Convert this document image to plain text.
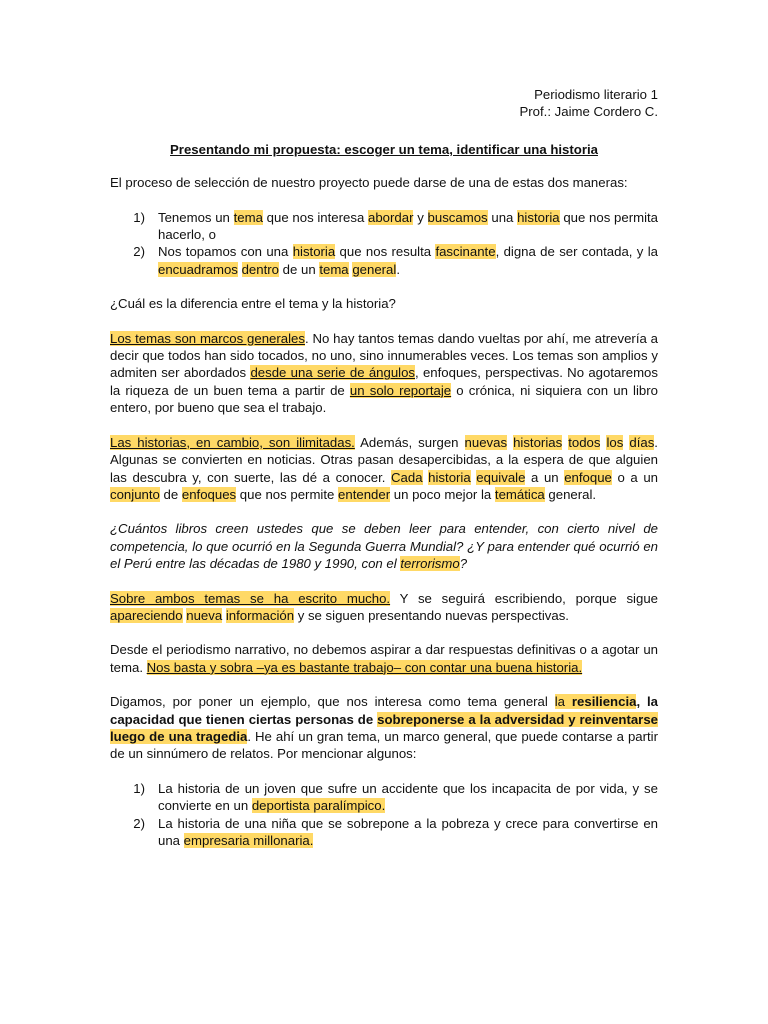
Periodismo literario 1
Prof.: Jaime Cordero C.
Presentando mi propuesta: escoger un tema, identificar una historia

El proceso de selección de nuestro proyecto puede darse de una de estas dos maneras:

1. Tenemos un tema que nos interesa abordar y buscamos una historia que nos permita hacerlo, o
2. Nos topamos con una historia que nos resulta fascinante, digna de ser contada, y la encuadramos dentro de un tema general.

¿Cuál es la diferencia entre el tema y la historia?

Los temas son marcos generales. No hay tantos temas dando vueltas por ahí, me atrevería a decir que todos han sido tocados, no uno, sino innumerables veces. Los temas son amplios y admiten ser abordados desde una serie de ángulos, enfoques, perspectivas. No agotaremos la riqueza de un buen tema a partir de un solo reportaje o crónica, ni siquiera con un libro entero, por bueno que sea el trabajo.

Las historias, en cambio, son ilimitadas. Además, surgen nuevas historias todos los días. Algunas se convierten en noticias. Otras pasan desapercibidas, a la espera de que alguien las descubra y, con suerte, las dé a conocer. Cada historia equivale a un enfoque o a un conjunto de enfoques que nos permite entender un poco mejor la temática general.

¿Cuántos libros creen ustedes que se deben leer para entender, con cierto nivel de competencia, lo que ocurrió en la Segunda Guerra Mundial? ¿Y para entender qué ocurrió en el Perú entre las décadas de 1980 y 1990, con el terrorismo?

Sobre ambos temas se ha escrito mucho. Y se seguirá escribiendo, porque sigue apareciendo nueva información y se siguen presentando nuevas perspectivas.

Desde el periodismo narrativo, no debemos aspirar a dar respuestas definitivas o a agotar un tema. Nos basta y sobra –ya es bastante trabajo– con contar una buena historia.

Digamos, por poner un ejemplo, que nos interesa como tema general la resiliencia, la capacidad que tienen ciertas personas de sobreponerse a la adversidad y reinventarse luego de una tragedia. He ahí un gran tema, un marco general, que puede contarse a partir de un sinnúmero de relatos. Por mencionar algunos:

1. La historia de un joven que sufre un accidente que los incapacita de por vida, y se convierte en un deportista paralímpico.
2. La historia de una niña que se sobrepone a la pobreza y crece para convertirse en una empresaria millonaria.
